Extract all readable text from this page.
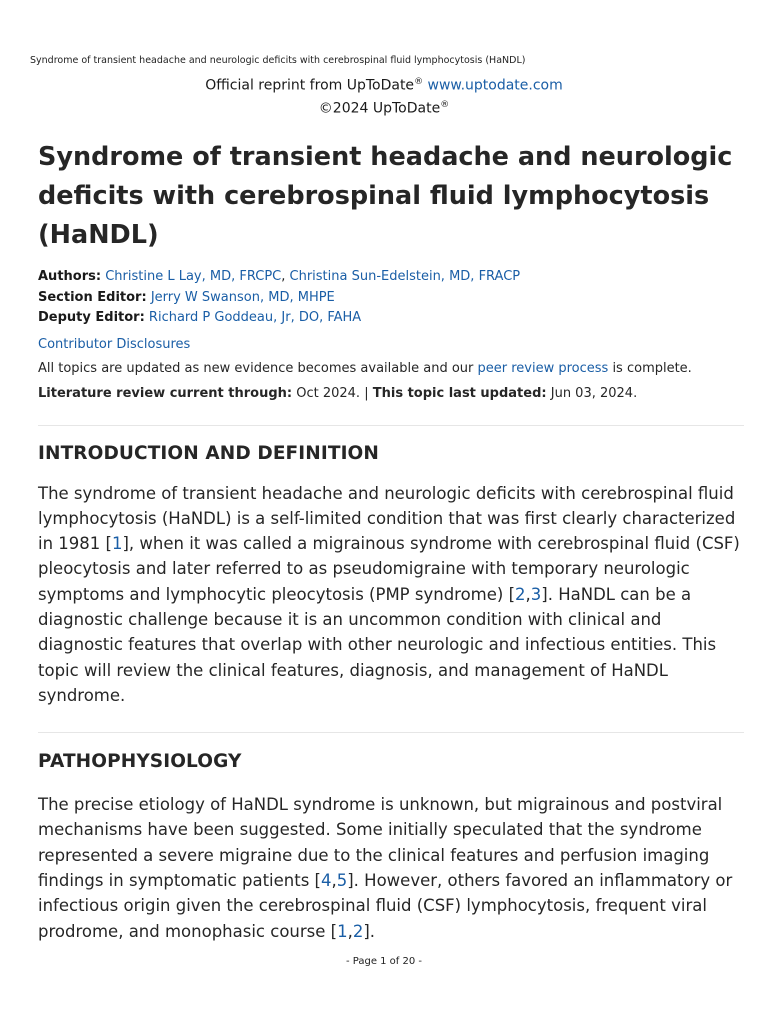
Syndrome of transient headache and neurologic deficits with cerebrospinal fluid lymphocytosis (HaNDL)
Official reprint from UpToDate® www.uptodate.com
©2024 UpToDate®
Syndrome of transient headache and neurologic deficits with cerebrospinal fluid lymphocytosis (HaNDL)
Authors: Christine L Lay, MD, FRCPC, Christina Sun-Edelstein, MD, FRACP
Section Editor: Jerry W Swanson, MD, MHPE
Deputy Editor: Richard P Goddeau, Jr, DO, FAHA
Contributor Disclosures
All topics are updated as new evidence becomes available and our peer review process is complete.
Literature review current through: Oct 2024. | This topic last updated: Jun 03, 2024.
INTRODUCTION AND DEFINITION

The syndrome of transient headache and neurologic deficits with cerebrospinal fluid lymphocytosis (HaNDL) is a self-limited condition that was first clearly characterized in 1981 [1], when it was called a migrainous syndrome with cerebrospinal fluid (CSF) pleocytosis and later referred to as pseudomigraine with temporary neurologic symptoms and lymphocytic pleocytosis (PMP syndrome) [2,3]. HaNDL can be a diagnostic challenge because it is an uncommon condition with clinical and diagnostic features that overlap with other neurologic and infectious entities. This topic will review the clinical features, diagnosis, and management of HaNDL syndrome.

PATHOPHYSIOLOGY

The precise etiology of HaNDL syndrome is unknown, but migrainous and postviral mechanisms have been suggested. Some initially speculated that the syndrome represented a severe migraine due to the clinical features and perfusion imaging findings in symptomatic patients [4,5]. However, others favored an inflammatory or infectious origin given the cerebrospinal fluid (CSF) lymphocytosis, frequent viral prodrome, and monophasic course [1,2].

- Page 1 of 20 -
